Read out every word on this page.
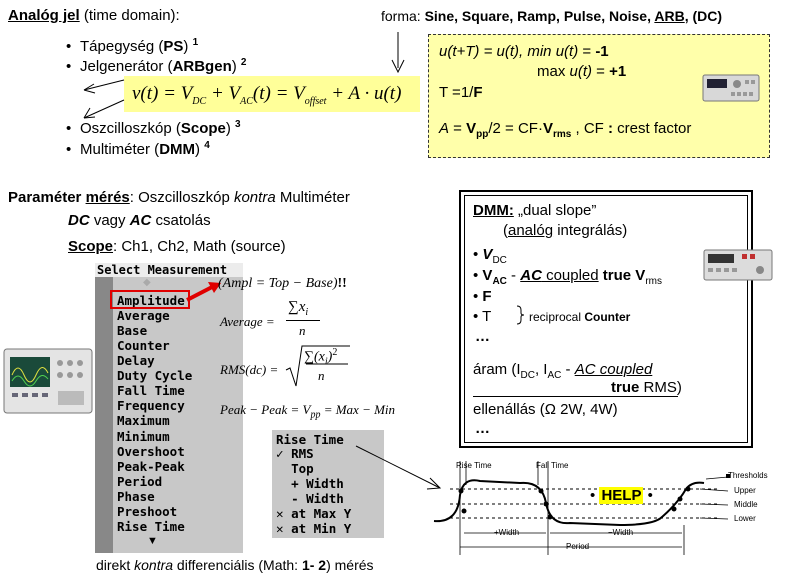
Analóg jel (time domain):
• Tápegység (PS) $^1$
• Jelgenerátor (ARBgen) $^2$
• Oszcilloszkóp (Scope) $^3$
• Multiméter (DMM) $^4$
$v(t) = V_{DC} + V_{AC}(t) = V_{offset} + A \cdot u(t)$
forma: Sine, Square, Ramp, Pulse, Noise, ARB, (DC)
u(t+T) = u(t), min u(t) = -1
max u(t) = +1
T =1/F
$A = V_{pp}/2 = CF\cdot V_{rms}$ , CF : crest factor
Paraméter mérés: Oszcilloszkóp kontra Multiméter
DC vagy AC csatolás
Scope: Ch1, Ch2, Math (source)
Select Measurement
◆
Amplitude
Average
Base
Counter
Delay
Duty Cycle
Fall Time
Frequency
Maximum
Minimum
Overshoot
Peak-Peak
Period
Phase
Preshoot
Rise Time
▼
(Ampl = Top − Base)!!
Average =
$\sum x_i$
n
RMS(dc) =
$\sum(x_i)^2$
n
Peak − Peak = $V_{pp}$ = Max − Min
Rise Time
✓ RMS
Top
+ Width
- Width
✕ at Max Y
✕ at Min Y
DMM: „dual slope”
(analóg integrálás)
• $V_{DC}$
• $V_{AC}$ - AC coupled true $V_{rms}$
• F
• T	reciprocal Counter
…
áram ($I_{DC}$, $I_{AC}$ - AC coupled
true RMS)
ellenállás (Ω 2W, 4W)
…
Rise Time	Fall Time
Thresholds
Upper
Middle
Lower
+Width	−Width
Period
• HELP •
direkt kontra differenciális (Math: 1- 2) mérés
